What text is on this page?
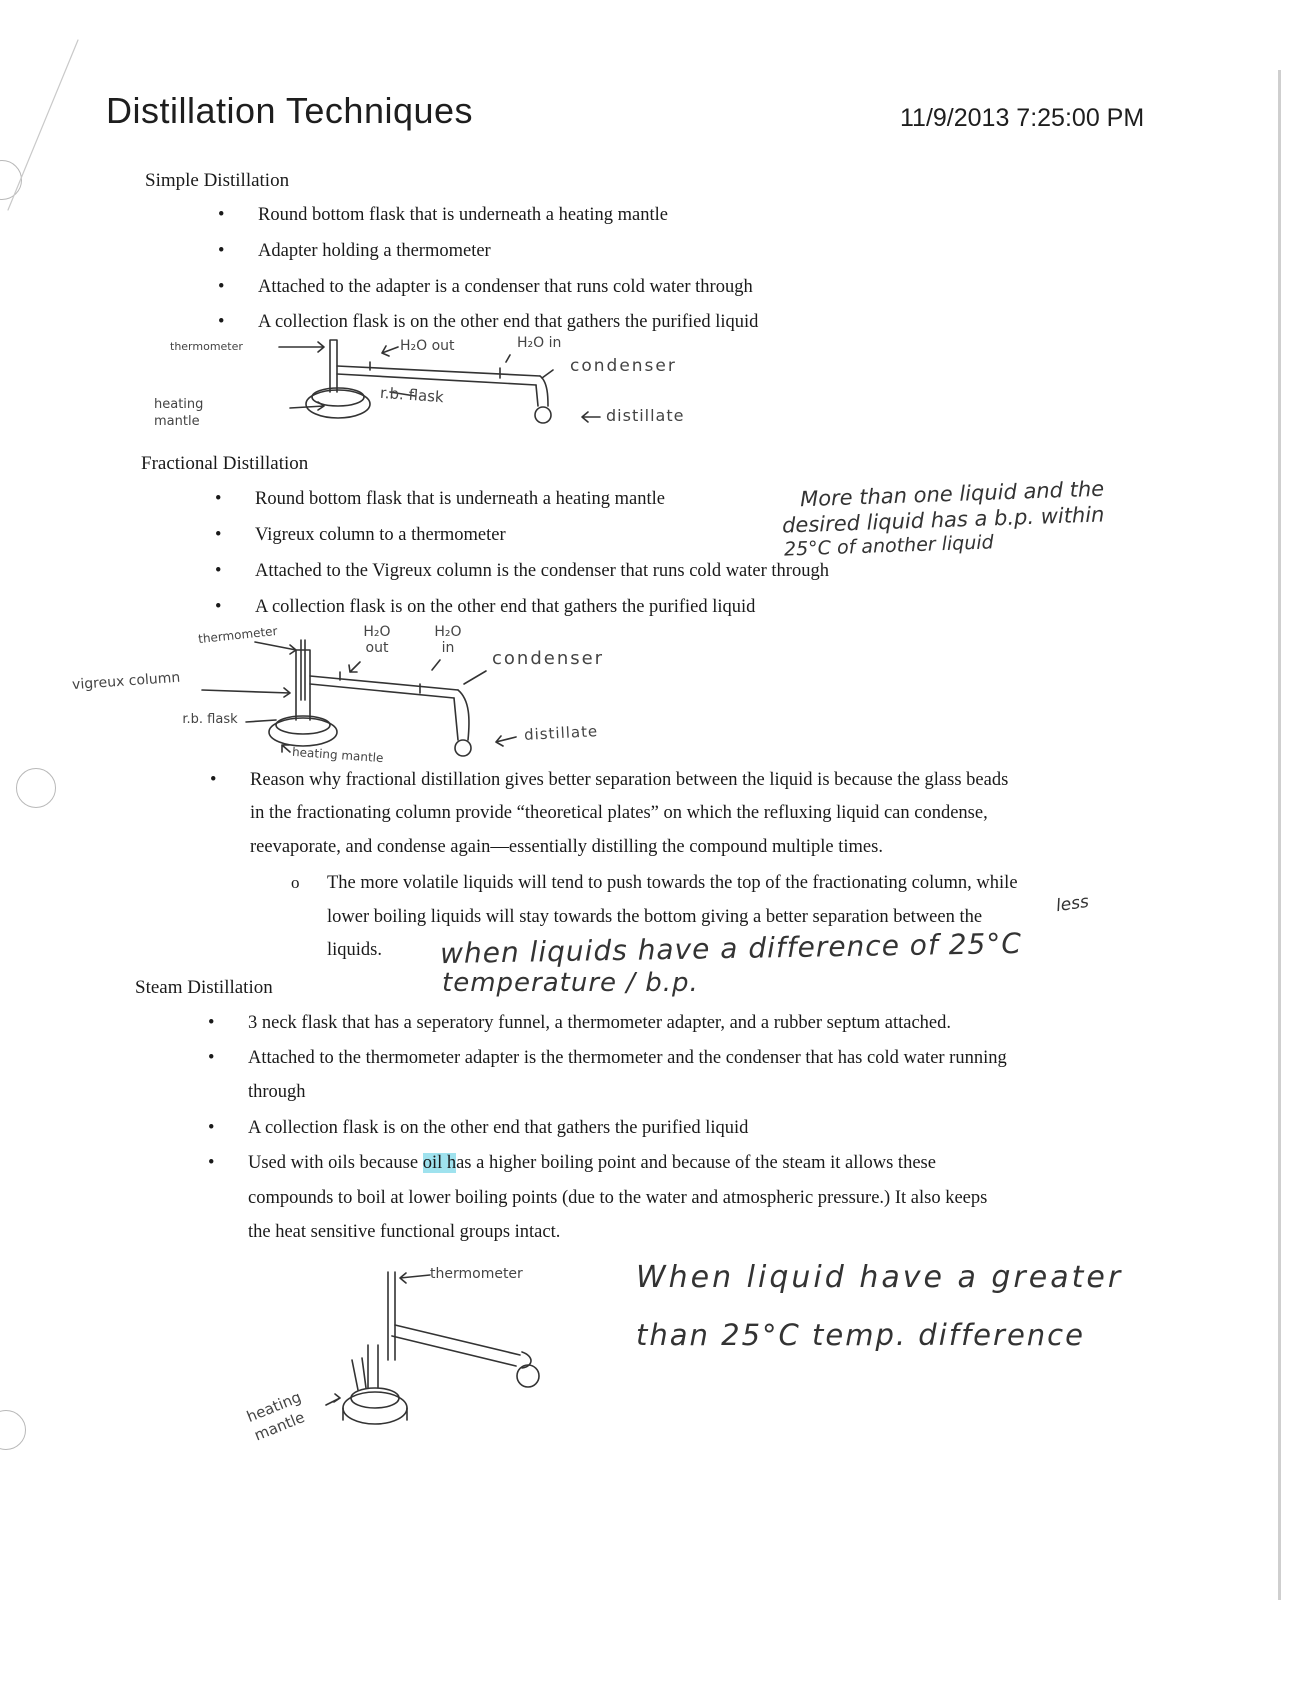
Distillation Techniques	11/9/2013 7:25:00 PM
Simple Distillation
• Round bottom flask that is underneath a heating mantle
• Adapter holding a thermometer
• Attached to the adapter is a condenser that runs cold water through
• A collection flask is on the other end that gathers the purified liquid
thermometer	H₂O out	H₂O in
condenser
r.b. flask
heating mantle	distillate
Fractional Distillation
• Round bottom flask that is underneath a heating mantle
• Vigreux column to a thermometer
• Attached to the Vigreux column is the condenser that runs cold water through
• A collection flask is on the other end that gathers the purified liquid
More than one liquid and the
desired liquid has a b.p. within
25°C of another liquid
thermometer	H₂O out
H₂O in	condenser
vigreux column
r.b. flask
heating mantle
distillate
• Reason why fractional distillation gives better separation between the liquid is because the glass beads
in the fractionating column provide “theoretical plates” on which the refluxing liquid can condense,
reevaporate, and condense again—essentially distilling the compound multiple times.
o The more volatile liquids will tend to push towards the top of the fractionating column, while
lower boiling liquids will stay towards the bottom giving a better separation between the
liquids.
less
when liquids have a difference of 25°C
temperature / b.p.
Steam Distillation
• 3 neck flask that has a seperatory funnel, a thermometer adapter, and a rubber septum attached.
• Attached to the thermometer adapter is the thermometer and the condenser that has cold water running
through
• A collection flask is on the other end that gathers the purified liquid
• Used with oils because oil has a higher boiling point and because of the steam it allows these
compounds to boil at lower boiling points (due to the water and atmospheric pressure.) It also keeps
the heat sensitive functional groups intact.
thermometer
heating mantle
When liquid have a greater
than 25°C temp. difference
